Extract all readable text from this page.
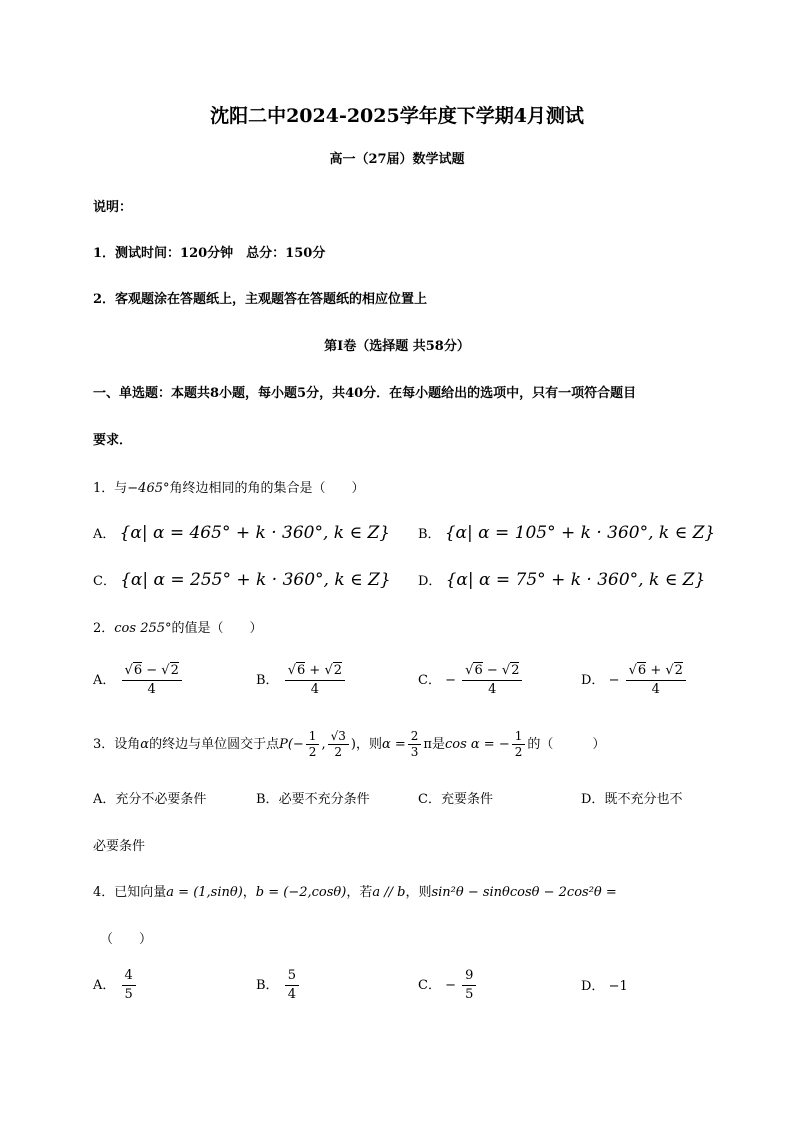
沈阳二中2024-2025学年度下学期4月测试
高一（27届）数学试题
说明：
1．测试时间：120分钟　总分：150分
2．客观题涂在答题纸上，主观题答在答题纸的相应位置上
第Ⅰ卷（选择题 共58分）
一、单选题：本题共8小题，每小题5分，共40分．在每小题给出的选项中，只有一项符合题目
要求．
1．与−465°角终边相同的角的集合是（　　）
A． {α| α = 465° + k · 360°, k ∈ Z} B． {α| α = 105° + k · 360°, k ∈ Z}
C． {α| α = 255° + k · 360°, k ∈ Z} D． {α| α = 75° + k · 360°, k ∈ Z}
2．cos 255°的值是（　　）
A． $\frac{√6 - √2}{4}$	B． $\frac{√6 + √2}{4}$	C． − $\frac{√6 - √2}{4}$	D． − $\frac{√6 + √2}{4}$
3．设角α的终边与单位圆交于点$P(- \frac{1}{2}$ , $\frac{√3}{2}$ )，则$\alpha = \frac{2}{3}$ π是cos α = − $\frac{1}{2}$ 的（　　　）
A．充分不必要条件	B．必要不充分条件	C．充要条件	D．既不充分也不
必要条件
4．已知向量a = (1,sinθ)，b = (−2,cosθ)，若a // b，则sin²θ − sinθcosθ − 2cos²θ =
（　　）
A． $\frac{4}{5}$	B． $\frac{5}{4}$	C． − $\frac{9}{5}$	D． −1
